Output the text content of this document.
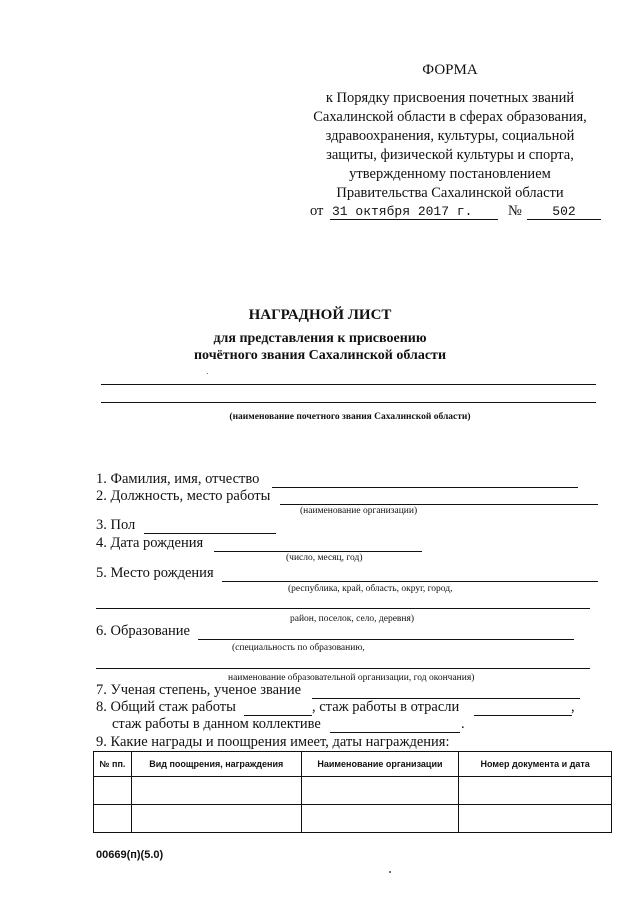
ФОРМА
к Порядку присвоения почетных званий
Сахалинской области в сферах образования,
здравоохранения, культуры, социальной
защиты, физической культуры и спорта,
утвержденному постановлением
Правительства Сахалинской области
от 31 октября 2017 г.	№	502
НАГРАДНОЙ ЛИСТ
для представления к присвоению
почётного звания Сахалинской области
(наименование почетного звания Сахалинской области)
1. Фамилия, имя, отчество
2. Должность, место работы
(наименование организации)
3. Пол
4. Дата рождения
(число, месяц, год)
5. Место рождения
(республика, край, область, округ, город,
район, поселок, село, деревня)
6. Образование
(специальность по образованию,
наименование образовательной организации, год окончания)
7. Ученая степень, ученое звание
8. Общий стаж работы	, стаж работы в отрасли	,
стаж работы в данном коллективе	.
9. Какие награды и поощрения имеет, даты награждения:
№ пп.	Вид поощрения, награждения	Наименование организации	Номер документа и дата

00669(п)(5.0)
